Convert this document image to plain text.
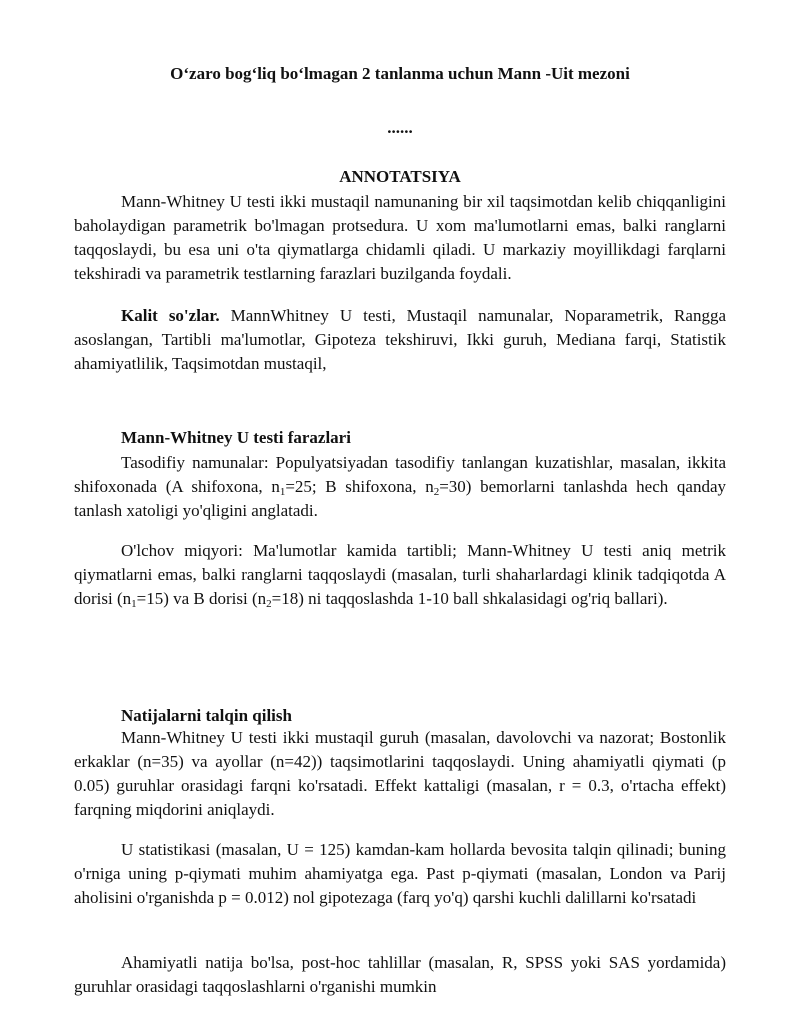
O‘zaro bog‘liq bo‘lmagan 2 tanlanma uchun Mann -Uit mezoni
......
ANNOTATSIYA

Mann-Whitney U testi ikki mustaqil namunaning bir xil taqsimotdan kelib chiqqanligini baholaydigan parametrik bo'lmagan protsedura. U xom ma'lumotlarni emas, balki ranglarni taqqoslaydi, bu esa uni o'ta qiymatlarga chidamli qiladi. U markaziy moyillikdagi farqlarni tekshiradi va parametrik testlarning farazlari buzilganda foydali.

Kalit so'zlar. MannWhitney U testi, Mustaqil namunalar, Noparametrik, Rangga asoslangan, Tartibli ma'lumotlar, Gipoteza tekshiruvi, Ikki guruh, Mediana farqi, Statistik ahamiyatlilik, Taqsimotdan mustaqil,

Mann-Whitney U testi farazlari

Tasodifiy namunalar: Populyatsiyadan tasodifiy tanlangan kuzatishlar, masalan, ikkita shifoxonada (A shifoxona, $n_1=25$; B shifoxona, $n_2=30$) bemorlarni tanlashda hech qanday tanlash xatoligi yo'qligini anglatadi.

O'lchov miqyori: Ma'lumotlar kamida tartibli; Mann-Whitney U testi aniq metrik qiymatlarni emas, balki ranglarni taqqoslaydi (masalan, turli shaharlardagi klinik tadqiqotda A dorisi $(n_1=15)$ va B dorisi $(n_2=18)$ ni taqqoslashda 1-10 ball shkalasidagi og'riq ballari).

Natijalarni talqin qilish

Mann-Whitney U testi ikki mustaqil guruh (masalan, davolovchi va nazorat; Bostonlik erkaklar (n=35) va ayollar (n=42)) taqsimotlarini taqqoslaydi. Uning ahamiyatli qiymati (p 0.05) guruhlar orasidagi farqni ko'rsatadi. Effekt kattaligi (masalan, r = 0.3, o'rtacha effekt) farqning miqdorini aniqlaydi.

U statistikasi (masalan, U = 125) kamdan-kam hollarda bevosita talqin qilinadi; buning o'rniga uning p-qiymati muhim ahamiyatga ega. Past p-qiymati (masalan, London va Parij aholisini o'rganishda p = 0.012) nol gipotezaga (farq yo'q) qarshi kuchli dalillarni ko'rsatadi

Ahamiyatli natija bo'lsa, post-hoc tahlillar (masalan, R, SPSS yoki SAS yordamida) guruhlar orasidagi taqqoslashlarni o'rganishi mumkin
